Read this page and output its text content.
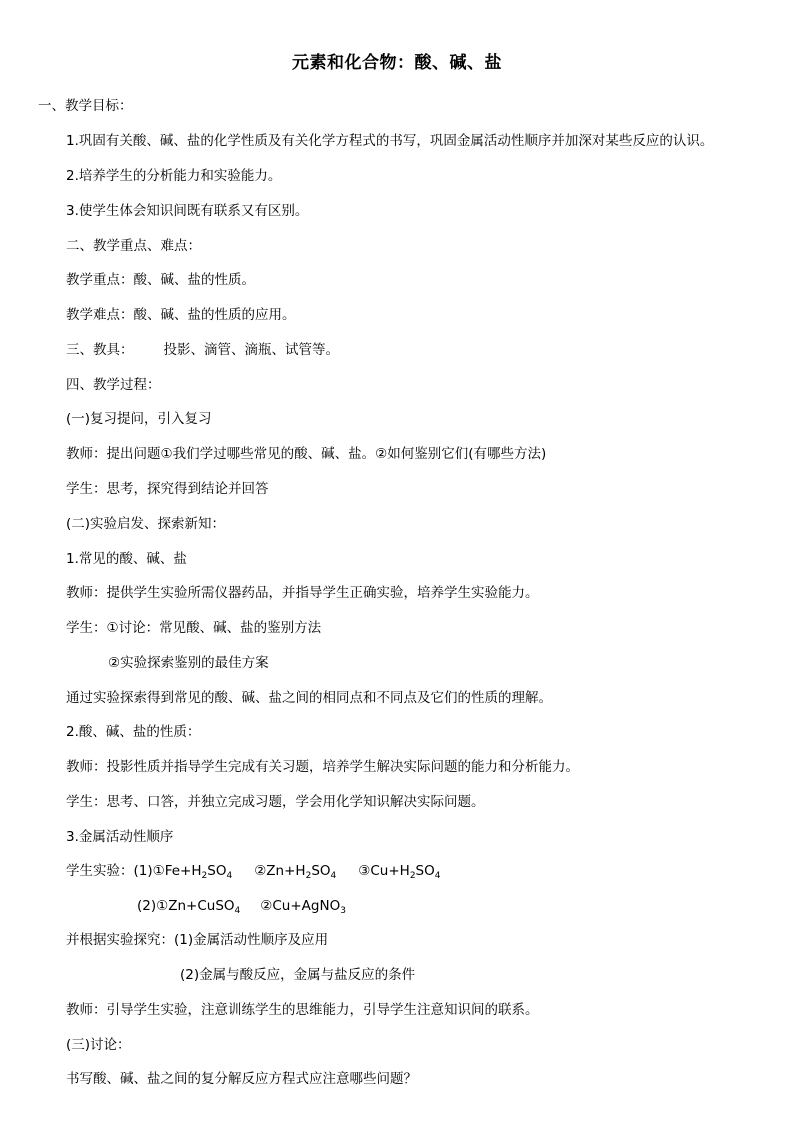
元素和化合物：酸、碱、盐
一、教学目标：
1.巩固有关酸、碱、盐的化学性质及有关化学方程式的书写，巩固金属活动性顺序并加深对某些反应的认识。
2.培养学生的分析能力和实验能力。
3.使学生体会知识间既有联系又有区别。
二、教学重点、难点：
教学重点：酸、碱、盐的性质。
教学难点：酸、碱、盐的性质的应用。
三、教具： 投影、滴管、滴瓶、试管等。
四、教学过程：
(一)复习提问，引入复习
教师：提出问题①我们学过哪些常见的酸、碱、盐。②如何鉴别它们(有哪些方法)
学生：思考，探究得到结论并回答
(二)实验启发、探索新知：
1.常见的酸、碱、盐
教师：提供学生实验所需仪器药品，并指导学生正确实验，培养学生实验能力。
学生：①讨论：常见酸、碱、盐的鉴别方法
②实验探索鉴别的最佳方案
通过实验探索得到常见的酸、碱、盐之间的相同点和不同点及它们的性质的理解。
2.酸、碱、盐的性质：
教师：投影性质并指导学生完成有关习题，培养学生解决实际问题的能力和分析能力。
学生：思考、口答，并独立完成习题，学会用化学知识解决实际问题。
3.金属活动性顺序
学生实验：$(1)①Fe+H_2SO_4$ $②Zn+H_2SO_4$ $③Cu+H_2SO_4$
(2)①Zn+CuSO$_4$ ②Cu+AgNO$_3$
并根据实验探究：(1)金属活动性顺序及应用
(2)金属与酸反应，金属与盐反应的条件
教师：引导学生实验，注意训练学生的思维能力，引导学生注意知识间的联系。
(三)讨论：
书写酸、碱、盐之间的复分解反应方程式应注意哪些问题？
